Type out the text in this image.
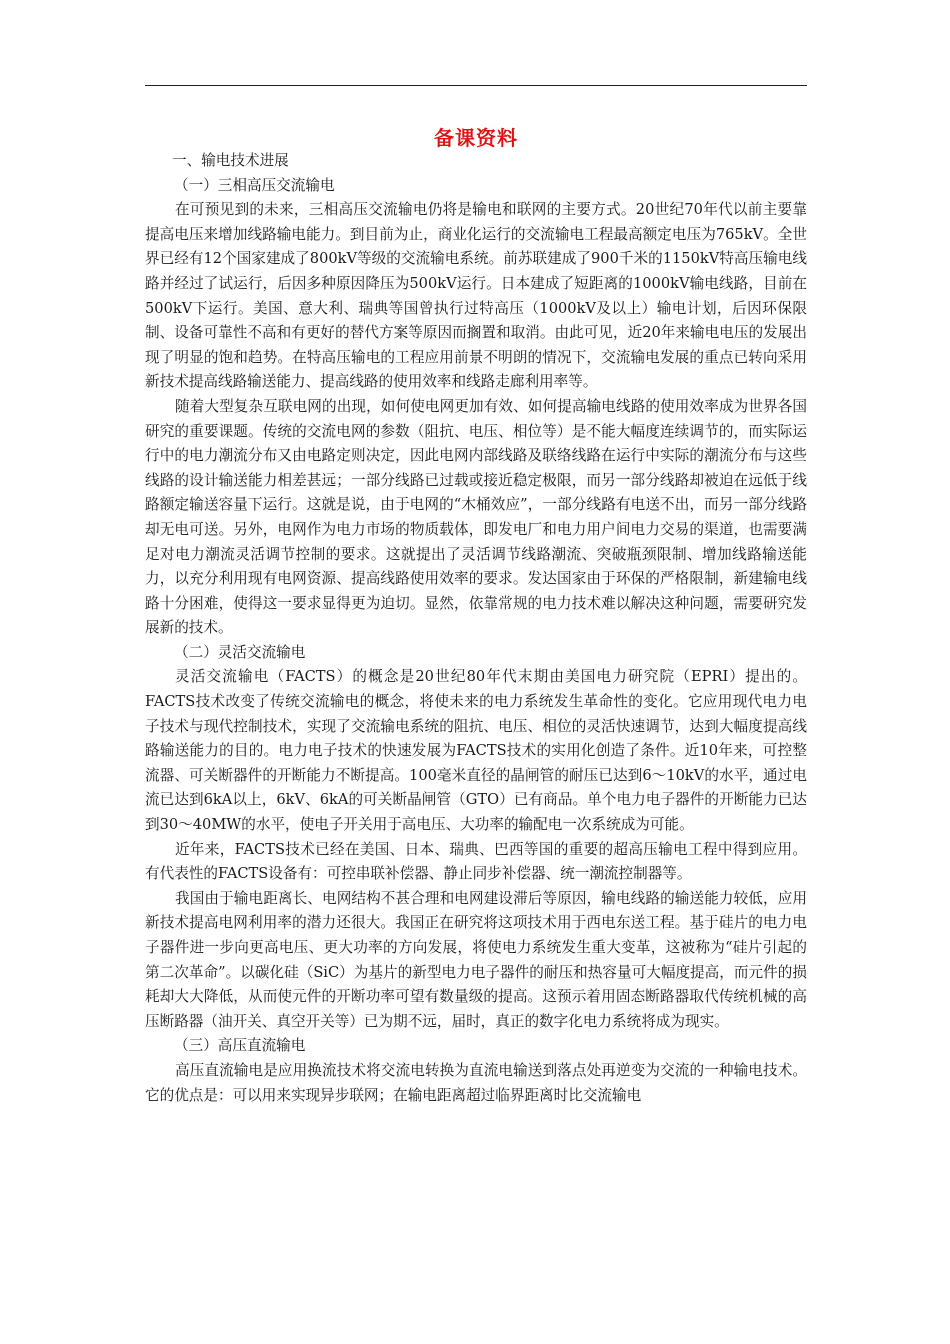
备课资料

一、输电技术进展

（一）三相高压交流输电

在可预见到的未来，三相高压交流输电仍将是输电和联网的主要方式。20世纪70年代以前主要靠提高电压来增加线路输电能力。到目前为止，商业化运行的交流输电工程最高额定电压为765kV。全世界已经有12个国家建成了800kV等级的交流输电系统。前苏联建成了900千米的1150kV特高压输电线路并经过了试运行，后因多种原因降压为500kV运行。日本建成了短距离的1000kV输电线路，目前在500kV下运行。美国、意大利、瑞典等国曾执行过特高压（1000kV及以上）输电计划，后因环保限制、设备可靠性不高和有更好的替代方案等原因而搁置和取消。由此可见，近20年来输电电压的发展出现了明显的饱和趋势。在特高压输电的工程应用前景不明朗的情况下，交流输电发展的重点已转向采用新技术提高线路输送能力、提高线路的使用效率和线路走廊利用率等。

随着大型复杂互联电网的出现，如何使电网更加有效、如何提高输电线路的使用效率成为世界各国研究的重要课题。传统的交流电网的参数（阻抗、电压、相位等）是不能大幅度连续调节的，而实际运行中的电力潮流分布又由电路定则决定，因此电网内部线路及联络线路在运行中实际的潮流分布与这些线路的设计输送能力相差甚远；一部分线路已过载或接近稳定极限，而另一部分线路却被迫在远低于线路额定输送容量下运行。这就是说，由于电网的“木桶效应”，一部分线路有电送不出，而另一部分线路却无电可送。另外，电网作为电力市场的物质载体，即发电厂和电力用户间电力交易的渠道，也需要满足对电力潮流灵活调节控制的要求。这就提出了灵活调节线路潮流、突破瓶颈限制、增加线路输送能力，以充分利用现有电网资源、提高线路使用效率的要求。发达国家由于环保的严格限制，新建输电线路十分困难，使得这一要求显得更为迫切。显然，依靠常规的电力技术难以解决这种问题，需要研究发展新的技术。

（二）灵活交流输电

灵活交流输电（FACTS）的概念是20世纪80年代末期由美国电力研究院（EPRI）提出的。FACTS技术改变了传统交流输电的概念，将使未来的电力系统发生革命性的变化。它应用现代电力电子技术与现代控制技术，实现了交流输电系统的阻抗、电压、相位的灵活快速调节，达到大幅度提高线路输送能力的目的。电力电子技术的快速发展为FACTS技术的实用化创造了条件。近10年来，可控整流器、可关断器件的开断能力不断提高。100毫米直径的晶闸管的耐压已达到6～10kV的水平，通过电流已达到6kA以上，6kV、6kA的可关断晶闸管（GTO）已有商品。单个电力电子器件的开断能力已达到30～40MW的水平，使电子开关用于高电压、大功率的输配电一次系统成为可能。

近年来，FACTS技术已经在美国、日本、瑞典、巴西等国的重要的超高压输电工程中得到应用。有代表性的FACTS设备有：可控串联补偿器、静止同步补偿器、统一潮流控制器等。

我国由于输电距离长、电网结构不甚合理和电网建设滞后等原因，输电线路的输送能力较低，应用新技术提高电网利用率的潜力还很大。我国正在研究将这项技术用于西电东送工程。基于硅片的电力电子器件进一步向更高电压、更大功率的方向发展，将使电力系统发生重大变革，这被称为“硅片引起的第二次革命”。以碳化硅（SiC）为基片的新型电力电子器件的耐压和热容量可大幅度提高，而元件的损耗却大大降低，从而使元件的开断功率可望有数量级的提高。这预示着用固态断路器取代传统机械的高压断路器（油开关、真空开关等）已为期不远，届时，真正的数字化电力系统将成为现实。

（三）高压直流输电

高压直流输电是应用换流技术将交流电转换为直流电输送到落点处再逆变为交流的一种输电技术。它的优点是：可以用来实现异步联网；在输电距离超过临界距离时比交流输电
